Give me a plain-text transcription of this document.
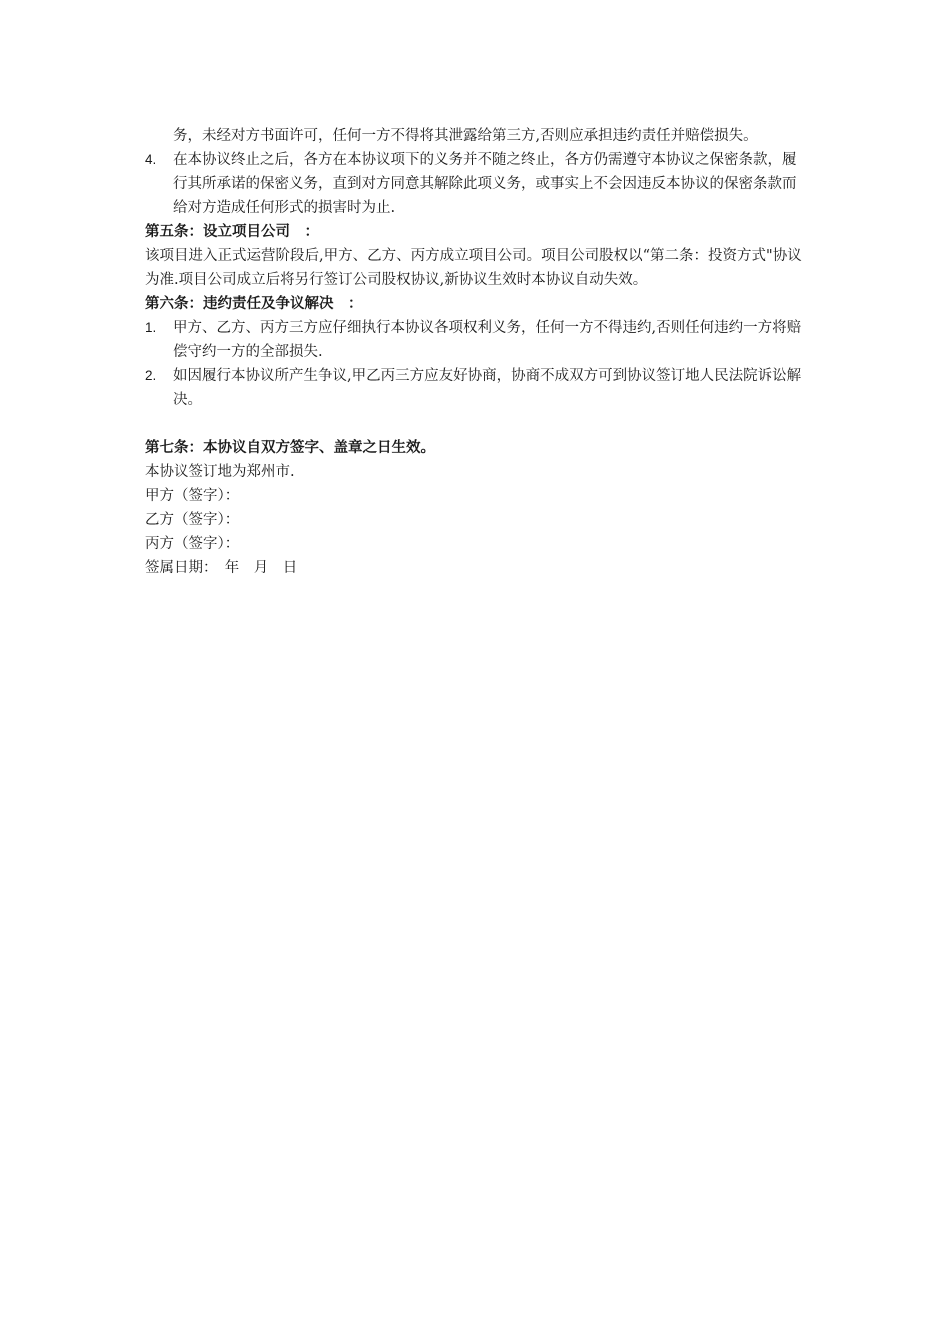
务，未经对方书面许可，任何一方不得将其泄露给第三方,否则应承担违约责任并赔偿损失。

4. 在本协议终止之后，各方在本协议项下的义务并不随之终止，各方仍需遵守本协议之保密条款，履行其所承诺的保密义务，直到对方同意其解除此项义务，或事实上不会因违反本协议的保密条款而给对方造成任何形式的损害时为止.

第五条：设立项目公司　：

该项目进入正式运营阶段后,甲方、乙方、丙方成立项目公司。项目公司股权以“第二条：投资方式"协议为准.项目公司成立后将另行签订公司股权协议,新协议生效时本协议自动失效。

第六条：违约责任及争议解决　：

1. 甲方、乙方、丙方三方应仔细执行本协议各项权利义务，任何一方不得违约,否则任何违约一方将赔偿守约一方的全部损失.

2. 如因履行本协议所产生争议,甲乙丙三方应友好协商，协商不成双方可到协议签订地人民法院诉讼解决。

第七条：本协议自双方签字、盖章之日生效。

本协议签订地为郑州市.

甲方（签字）：

乙方（签字）：

丙方（签字）：

签属日期：　年　月　日
